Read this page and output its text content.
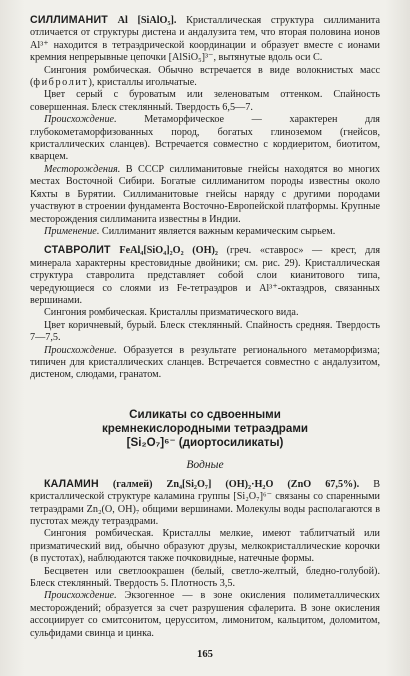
СИЛЛИМАНИТ Al [SiAlO₅]. Кристаллическая структура силлиманита отличается от структуры дистена и андалузита тем, что вторая половина ионов Al³⁺ находится в тетраэдрической координации и образует вместе с ионами кремния непрерывные цепочки [AlSiO₅]³⁻, вытянутые вдоль оси С.

Сингония ромбическая. Обычно встречается в виде волокнистых масс (фибролит), кристаллы игольчатые.

Цвет серый с буроватым или зеленоватым оттенком. Спайность совершенная. Блеск стеклянный. Твердость 6,5—7.

Происхождение.	Метаморфическое — характерен для глубокометаморфизованных пород, богатых глиноземом (гнейсов, кристаллических сланцев). Встречается совместно с кордиеритом, биотитом, кварцем.

Месторождения. В СССР силлиманитовые гнейсы находятся во многих местах Восточной Сибири. Богатые силлиманитом породы известны около Кяхты в Бурятии. Силлиманитовые гнейсы наряду с другими породами участвуют в строении фундамента Восточно-Европейской платформы. Крупные месторождения силлиманита известны в Индии.

Применение. Силлиманит является важным керамическим сырьем.

СТАВРОЛИТ FeAl₄[SiO₄]₂O₂ (OH)₂ (греч. «ставрос» — крест, для минерала характерны крестовидные двойники; см. рис. 29). Кристаллическая структура ставролита представляет собой слои кианитового типа, чередующиеся со слоями из Fe-тетраэдров и Al³⁺-октаэдров, связанных вершинами.

Сингония ромбическая. Кристаллы призматического вида.

Цвет коричневый, бурый. Блеск стеклянный. Спайность средняя. Твердость 7—7,5.

Происхождение. Образуется в результате регионального метаморфизма; типичен для кристаллических сланцев. Встречается совместно с андалузитом, дистеном, слюдами, гранатом.

Силикаты со сдвоенными

кремнекислородными тетраэдрами

[Si₂O₇]⁶⁻ (диортосиликаты)

Водные

КАЛАМИН (галмей) Zn₄[Si₂O₇] (OH)₂·H₂O (ZnO 67,5%). В кристаллической структуре каламина группы [Si₂O₇]⁶⁻ связаны со спаренными тетраэдрами Zn₂(O, OH)₇ общими вершинами. Молекулы воды располагаются в пустотах между тетраэдрами.

Сингония ромбическая. Кристаллы мелкие, имеют таблитчатый или призматический вид, обычно образуют друзы, мелкокристаллические корочки (в пустотах), наблюдаются также почковидные, натечные формы.

Бесцветен или светлоокрашен (белый, светло-желтый, бледно-голубой). Блеск стеклянный. Твердость 5. Плотность 3,5.

Происхождение. Экзогенное — в зоне окисления полиметаллических месторождений; образуется за счет разрушения сфалерита. В зоне окисления ассоциирует со смитсонитом, церусситом, лимонитом, кальцитом, доломитом, сульфидами свинца и цинка.

165
